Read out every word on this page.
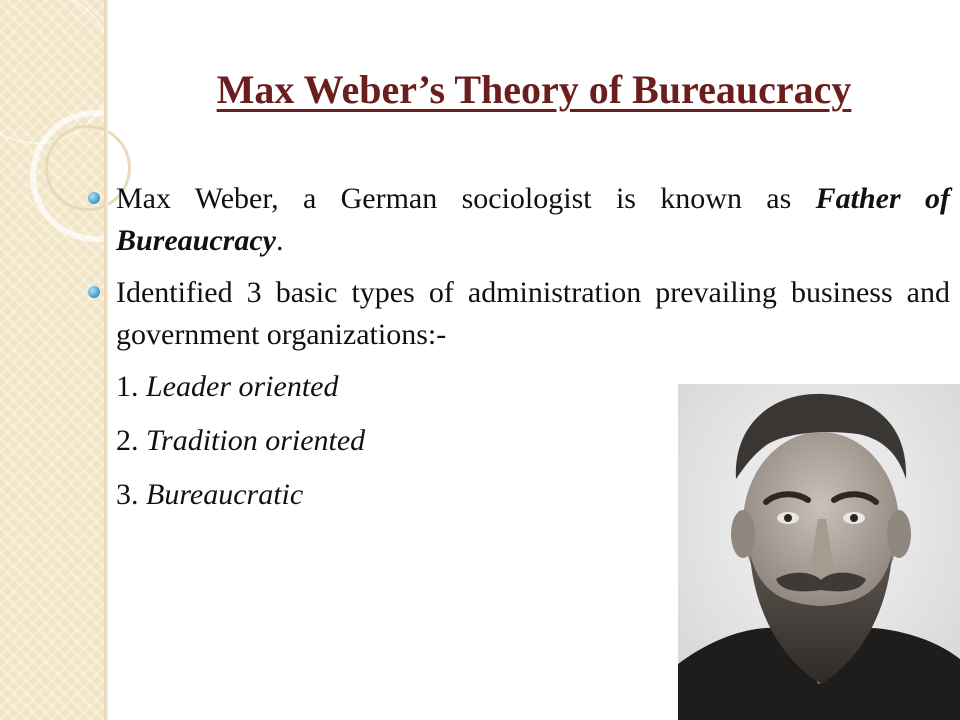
Max Weber’s Theory of Bureaucracy
Max Weber, a German sociologist is known as Father of Bureaucracy.
Identified 3 basic types of administration prevailing business and government organizations:-
1. Leader oriented
2. Tradition oriented
3. Bureaucratic
